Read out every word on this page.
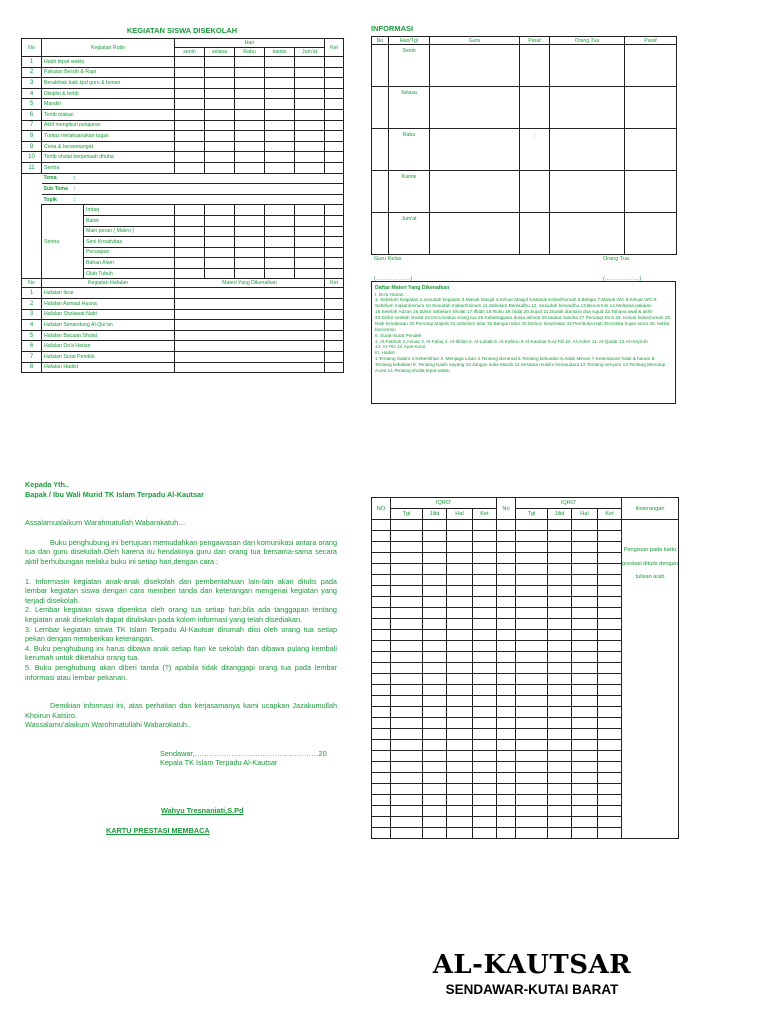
KEGIATAN SISWA DISEKOLAH
No	Kegiatan Rutin		Hari					Ket
			senin	selasa	Rabu	kamis	Jum'at	
1	Hadir tepat waktu							
2	Pakaian Bersih & Rapi							
3	Berakhlak baik kpd guru & teman							
4	Disiplin & tertib							
5	Mandiri							
6	Tertib makan							
7	Aktif mengikuti pelajaran							
8	Tuntas melaksanakan tugas							
9	Ceria & bersemangat							
10	Tertib sholat berjamaah dhuha							
11	Sentra							
	Tema :							
	Sub Tema :							
	Topik :							
	Sentra	Imtaq						
		Balok						
		Main peran ( Makro )						
		Seni Kreativitas						
		Persiapan						
		Bahan Alam						
		Olah Tubuh						
No	Kegiatan Hafalan		Materi Yang Dikenalkan					Ket
1	Hafalan Ikrar							
2	Hafalan Asmaul Husna							
3	Hafalan Sholawat Nabi							
4	Hafalan Senandung Al-Qur'an							
5	Hafalan Bacaan Sholat							
6	Hafalan Do'a Harian							
7	Hafalan Surat Pendek							
8	Hafalan Hadist							
INFORMASI
No	Hari/Tgl	Guru	Paraf	Orang Tua	Paraf
	Senin				
	Selasa				
	Rabu		;		
	Kamis				
	Jum'at				
Guru Kelas	Orang Tua
(……………….)	(……………….)
Daftar Materi Yang Dikenalkan
I. Do'a Harian :
1. Sebelum Kegiatan 2.sesudah kegiatan 3.Masuk Masjid 4.Keluar Masjid 5.Masuk Kelas/Rumah 6.Belajar 7.Masuk WC 8.Keluar WC 9. Sebelum makan/minum 10.Sesudah makan/minum 11.Sebelum Berwudhu 12. Sesudah berwudhu 13.Bercermin 14.Melepas pakaian 15.Setelah Adzan 16.Dzikir Sebelum Sholat 17.Iftitah 18.Ruku 19.I'tidal 20.Sujud 21.Duduk diantara dua sujud 22.Tahiyat awal & akhir 23.Dzikir setelah sholat 24.Do'a Kedua orang tua 25.Kebahagiaan dunia akhirat 26.taubat nasuha 27.Penutup Do'a 28. Keluar kelas/rumah 29. Naik kendaraan 30.Penutup Majelis 31.Sebelum tidur 32.Bangun tidur 33.Mohon kesehatan 34.Pembuka Hati 35.Ketika hujan turun 36. ketika bercermin
II. Surat-Surat Pendek
1. Al-Fatihah 2.Annas 3. Al-Falaq 4. Al-Ikhlas 5. Al-Lahab 6. Al-Kafirun 8.Al-Kautsar 9.Al-Fill 10. Al-Asher 11. Al-Qadar 12.Al-Insyiroh
13. At-Tiin 14.Ayat Kursi
III. Hadist
1.Tentang Salam 2.Kebersihan 3. Menjaga Lisan 4.Tentang Beramal 5.Tentang kekuatan 6.Adab Minum 7.Keteraturan halal & haram 8. Tentang kebaikan 9. Tentang Kasih sayang 10.Jangan suka Marah 11.Sesama muslim bersaudara 12.Tentang senyum 13.Tentang Menutup Aurat 14.Tentang sholat tepat waktu

Kepada Yth..

Bapak / Ibu Wali Murid TK Islam Terpadu Al-Kautsar

Assalamualaikum Warahmatullah Wabarakatuh…

Buku penghubung ini bertujuan memudahkan pengawasan dan komunikasi antara orang tua dan guru disekolah.Oleh karena itu hendaknya guru dan orang tua bersama-sama secara aktif berhubungan melalui buku ini setiap hari,dengan cara ;

1. Informasin kegiatan anak-anak disekolah dan pemberitahuan lain-lain akan ditulis pada lembar kegiatan siswa dengan cara memberi tanda dan keterangan mengenai kegiatan yang terjadi disekolah.

2. Lembar kegiatan siswa diperiksa oleh orang tua setiap hari,bila ada tanggapan tentang kegiatan anak disekolah dapat dituliskan pada kolom informasi yang telah disediakan.

3. Lembar kegiatan siswa TK Islam Terpadu Al-Kautsar dirumah diisi oleh orang tua setiap pekan dengan memberikan keterangan.

4. Buku penghubung ini harus dibawa anak setiap hari ke sekolah dan dibawa pulang kembali kerumah untuk diketahui orang tua.

5. Buku penghubung akan diberi tanda (?) apabila tidak ditanggapi orang tua pada lembar informasi atau lembar pekanan.

Demikian informasi ini, atas perhatian dan kerjasamanya kami ucapkan Jazakumullah Khoirun Katsiro.

Wassalamu'alaikum Warohmatullahi Wabarokatuh..

Sendawar,……………………………………………20

Kepala TK Islam Terpadu Al-Kautsar

Wahyu Tresnaniati,S.Pd

KARTU PRESTASI MEMBACA

NO	IQRO'				No	IQRO'				Keterangan
	Tgl	Jilid	Hal	Ket		Tgl	Jilid	Hal	Ket	
										Pengisian pada kartu prestasi ditulis dengan tulisan arab

AL-KAUTSAR
SENDAWAR-KUTAI BARAT
